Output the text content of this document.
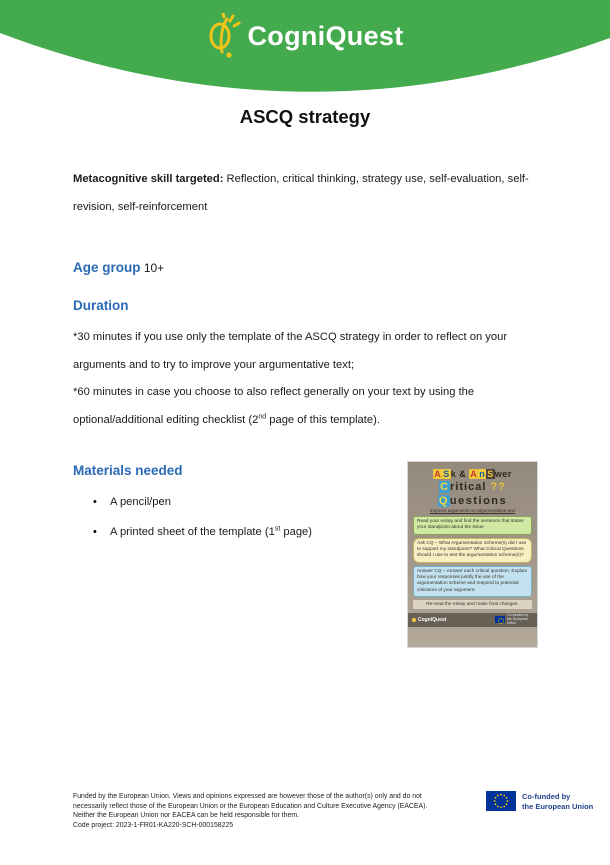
CogniQuest
ASCQ strategy

Metacognitive skill targeted: Reflection, critical thinking, strategy use, self-evaluation, self-revision, self-reinforcement

Age group 10+
Duration

*30 minutes if you use only the template of the ASCQ strategy in order to reflect on your arguments and to try to improve your argumentative text;

*60 minutes in case you choose to also reflect generally on your text by using the optional/additional editing checklist (2nd page of this template).

Materials needed
•	A pencil/pen
•	A printed sheet of the template (1st page)
A Sk & A n Swer
Critical ??
Questions
Improve arguments on argumentative text
Read your essay and find the sentence that states your standpoint about the issue
Ask CQ – What Argumentation Scheme(s) did I use to support my standpoint? What Critical Questions should I use to test the argumentation scheme(s)?
Answer CQ – Answer each critical question; Explain how your responses justify the use of the argumentation scheme and respond to potential criticisms of your argument.
Re-read the essay and make final changes.
CogniQuest
Co-funded by the European Union
Funded by the European Union. Views and opinions expressed are however those of the author(s) only and do not
necessarily reflect those of the European Union or the European Education and Culture Executive Agency (EACEA).
Neither the European Union nor EACEA can be held responsible for them.
Code project: 2023-1-FR01-KA220-SCH-000158225
Co-funded by
the European Union
